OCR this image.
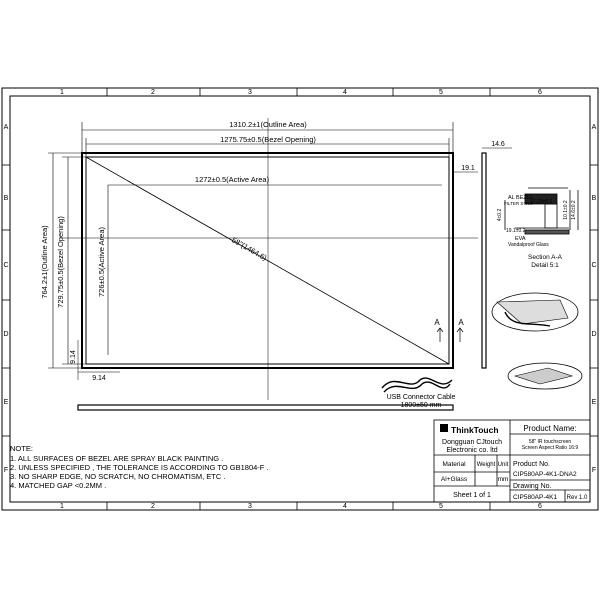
1	2	3	4	5	6
1	2	3	4	5	6
A
B
C
D
E
F
A
B
C
D
E
F
58"(1464.6)
1310.2±1(Outline Area)
1275.75±0.5(Bezel Opening)
1272±0.5(Active Area)
764.2±1(Outline Area) 729.75±0.5(Bezel Opening)	726±0.5(Active Area)
9.14
9.14
19.1
A A
14.6
USB Connector Cable
1800±50 mm
AL BEZEL
FILTER STRIP
17.23±0.2
19.1±0.2
10.1±0.2 14.6±0.2
4±0.2
EVA
Vandalproof Glass
Section A-A
Detail 5:1
NOTE:
1. ALL SURFACES OF BEZEL ARE SPRAY BLACK PAINTING .
2. UNLESS SPECIFIED , THE TOLERANCE IS ACCORDING TO GB1804-F .
3. NO SHARP EDGE, NO SCRATCH, NO CHROMATISM, ETC .
4. MATCHED GAP <0.2MM .
ThinkTouch
Dongguan CJtouch
Electronic co. ltd
Product Name:
58" IR touchscreen
Screen Aspect Ratio 16:9
Material Weight Unit
Al+Glass	mm
Product No.
CIP580AP-4K1-DNA2
Drawing No.
CIP580AP-4K1 Rev 1.0
Sheet 1 of 1
